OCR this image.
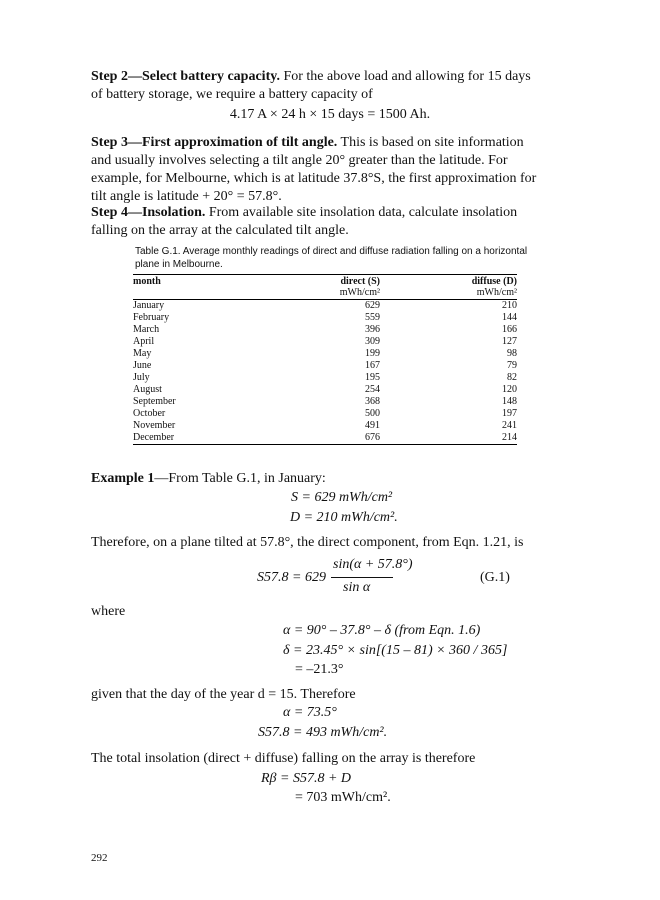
Step 2—Select battery capacity. For the above load and allowing for 15 days of battery storage, we require a battery capacity of
4.17 A × 24 h × 15 days = 1500 Ah.
Step 3—First approximation of tilt angle. This is based on site information and usually involves selecting a tilt angle 20° greater than the latitude. For example, for Melbourne, which is at latitude 37.8°S, the first approximation for tilt angle is latitude + 20° = 57.8°.
Step 4—Insolation. From available site insolation data, calculate insolation falling on the array at the calculated tilt angle.
Table G.1. Average monthly readings of direct and diffuse radiation falling on a horizontal plane in Melbourne.
month	direct (S)	diffuse (D)
mWh/cm²	mWh/cm²
January	629	210
February	559	144
March	396	166
April	309	127
May	199	98
June	167	79
July	195	82
August	254	120
September	368	148
October	500	197
November	491	241
December	676	214
Example 1—From Table G.1, in January:
S = 629 mWh/cm²
D = 210 mWh/cm².
Therefore, on a plane tilted at 57.8°, the direct component, from Eqn. 1.21, is
S57.8 = 629
sin(α + 57.8°)
sin α
(G.1)
where
α = 90° – 37.8° – δ (from Eqn. 1.6)
δ = 23.45° × sin[(15 – 81) × 360 / 365]
= –21.3°
given that the day of the year d = 15. Therefore
α = 73.5°
S57.8 = 493 mWh/cm².
The total insolation (direct + diffuse) falling on the array is therefore
Rβ = S57.8 + D
= 703 mWh/cm².
292
